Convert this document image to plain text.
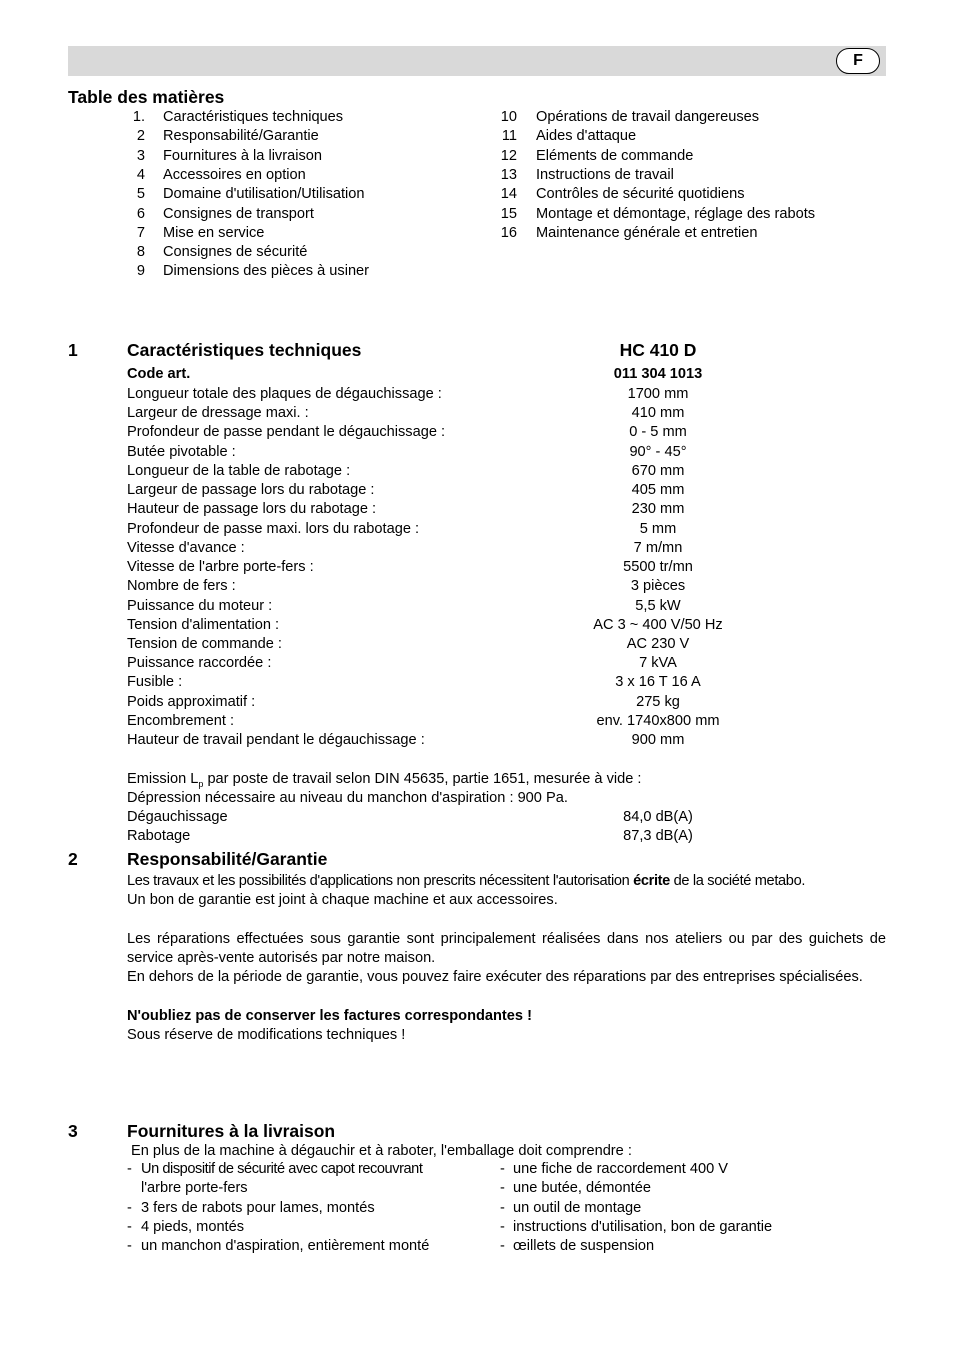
F
Table des matières
1. Caractéristiques techniques
2 Responsabilité/Garantie
3 Fournitures à la livraison
4 Accessoires en option
5 Domaine d'utilisation/Utilisation
6 Consignes de transport
7 Mise en service
8 Consignes de sécurité
9 Dimensions des pièces à usiner
10 Opérations de travail dangereuses
11 Aides d'attaque
12 Eléments de commande
13 Instructions de travail
14 Contrôles de sécurité quotidiens
15 Montage et démontage, réglage des rabots
16 Maintenance générale et entretien
1	Caractéristiques techniques	HC 410 D
Code art.	011 304 1013
Longueur totale des plaques de dégauchissage :	1700 mm
Largeur de dressage maxi. :	410 mm
Profondeur de passe pendant le dégauchissage :	0 - 5 mm
Butée pivotable :	90° - 45°
Longueur de la table de rabotage :	670 mm
Largeur de passage lors du rabotage :	405 mm
Hauteur de passage lors du rabotage :	230 mm
Profondeur de passe maxi. lors du rabotage :	5 mm
Vitesse d'avance :	7 m/mn
Vitesse de l'arbre porte-fers :	5500 tr/mn
Nombre de fers :	3 pièces
Puissance du moteur :	5,5 kW
Tension d'alimentation :	AC 3 ~ 400 V/50 Hz
Tension de commande :	AC 230 V
Puissance raccordée :	7 kVA
Fusible :	3 x 16 T 16 A
Poids approximatif :	275 kg
Encombrement :	env. 1740x800 mm
Hauteur de travail pendant le dégauchissage :	900 mm
Emission $L_p$ par poste de travail selon DIN 45635, partie 1651, mesurée à vide :
Dépression nécessaire au niveau du manchon d'aspiration : 900 Pa.
Dégauchissage	84,0 dB(A)
Rabotage	87,3 dB(A)
2	Responsabilité/Garantie
Les travaux et les possibilités d'applications non prescrits nécessitent l'autorisation écrite de la société metabo.
Un bon de garantie est joint à chaque machine et aux accessoires.
Les réparations effectuées sous garantie sont principalement réalisées dans nos ateliers ou par des guichets de service après-vente autorisés par notre maison.
En dehors de la période de garantie, vous pouvez faire exécuter des réparations par des entreprises spécialisées.
N'oubliez pas de conserver les factures correspondantes !
Sous réserve de modifications techniques !
3	Fournitures à la livraison
En plus de la machine à dégauchir et à raboter, l'emballage doit comprendre :
- Un dispositif de sécurité avec capot recouvrant
l'arbre porte-fers
- 3 fers de rabots pour lames, montés
- 4 pieds, montés
- un manchon d'aspiration, entièrement monté
- une fiche de raccordement 400 V
- une butée, démontée
- un outil de montage
- instructions d'utilisation, bon de garantie
- œillets de suspension
